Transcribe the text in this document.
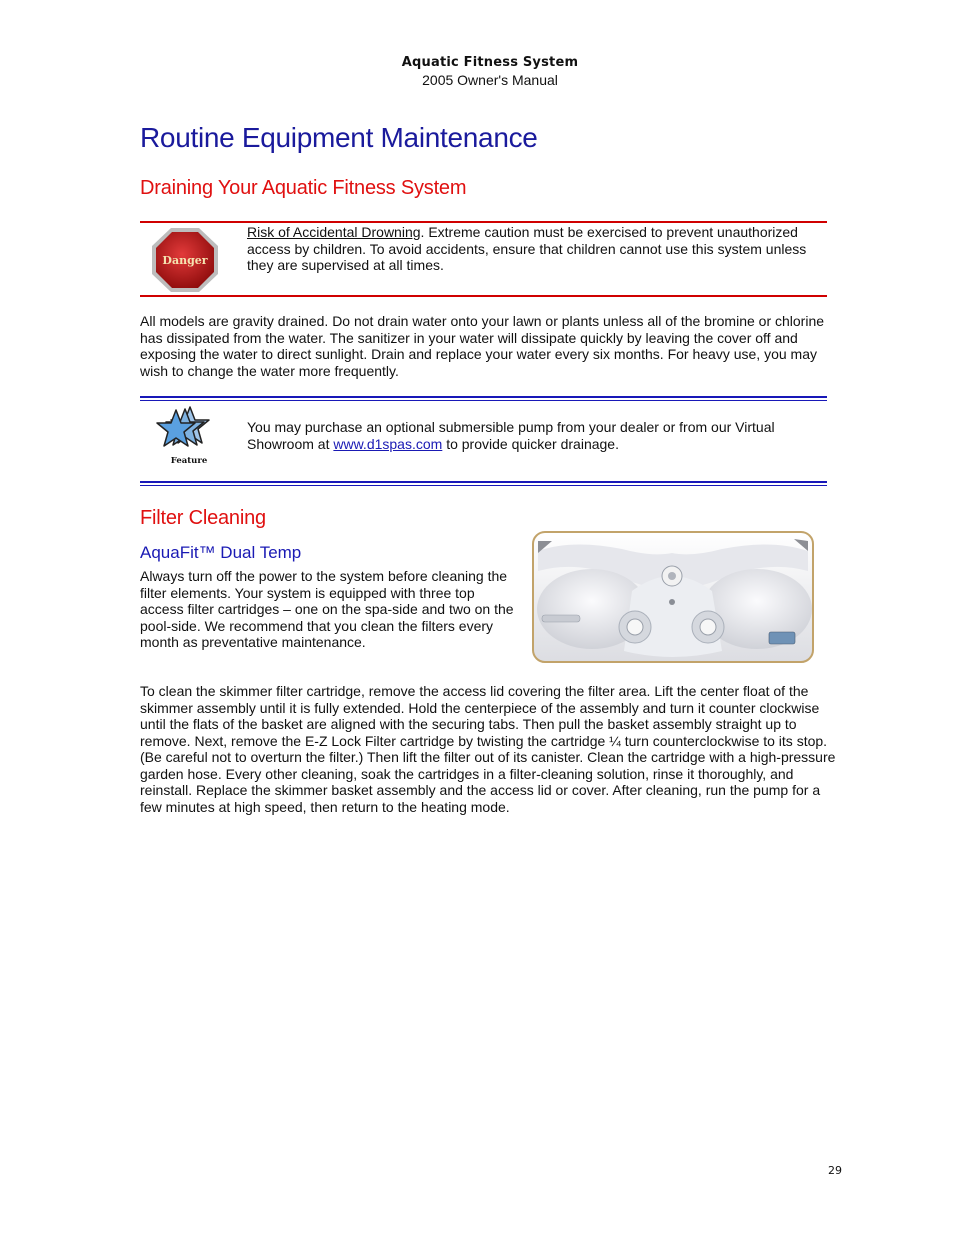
Aquatic Fitness System
2005 Owner's Manual
Routine Equipment Maintenance
Draining Your Aquatic Fitness System
Danger
Risk of Accidental Drowning. Extreme caution must be exercised to prevent unauthorized access by children. To avoid accidents, ensure that children cannot use this system unless they are supervised at all times.
All models are gravity drained. Do not drain water onto your lawn or plants unless all of the bromine or chlorine has dissipated from the water. The sanitizer in your water will dissipate quickly by leaving the cover off and exposing the water to direct sunlight. Drain and replace your water every six months. For heavy use, you may wish to change the water more frequently.
Feature
You may purchase an optional submersible pump from your dealer or from our Virtual Showroom at www.d1spas.com to provide quicker drainage.
Filter Cleaning
AquaFit™ Dual Temp
Always turn off the power to the system before cleaning the filter elements. Your system is equipped with three top access filter cartridges – one on the spa-side and two on the pool-side. We recommend that you clean the filters every month as preventative maintenance.
To clean the skimmer filter cartridge, remove the access lid covering the filter area. Lift the center float of the skimmer assembly until it is fully extended. Hold the centerpiece of the assembly and turn it counter clockwise until the flats of the basket are aligned with the securing tabs. Then pull the basket assembly straight up to remove. Next, remove the E-Z Lock Filter cartridge by twisting the cartridge ¼ turn counterclockwise to its stop. (Be careful not to overturn the filter.) Then lift the filter out of its canister. Clean the cartridge with a high-pressure garden hose. Every other cleaning, soak the cartridges in a filter-cleaning solution, rinse it thoroughly, and reinstall. Replace the skimmer basket assembly and the access lid or cover. After cleaning, run the pump for a few minutes at high speed, then return to the heating mode.
29
